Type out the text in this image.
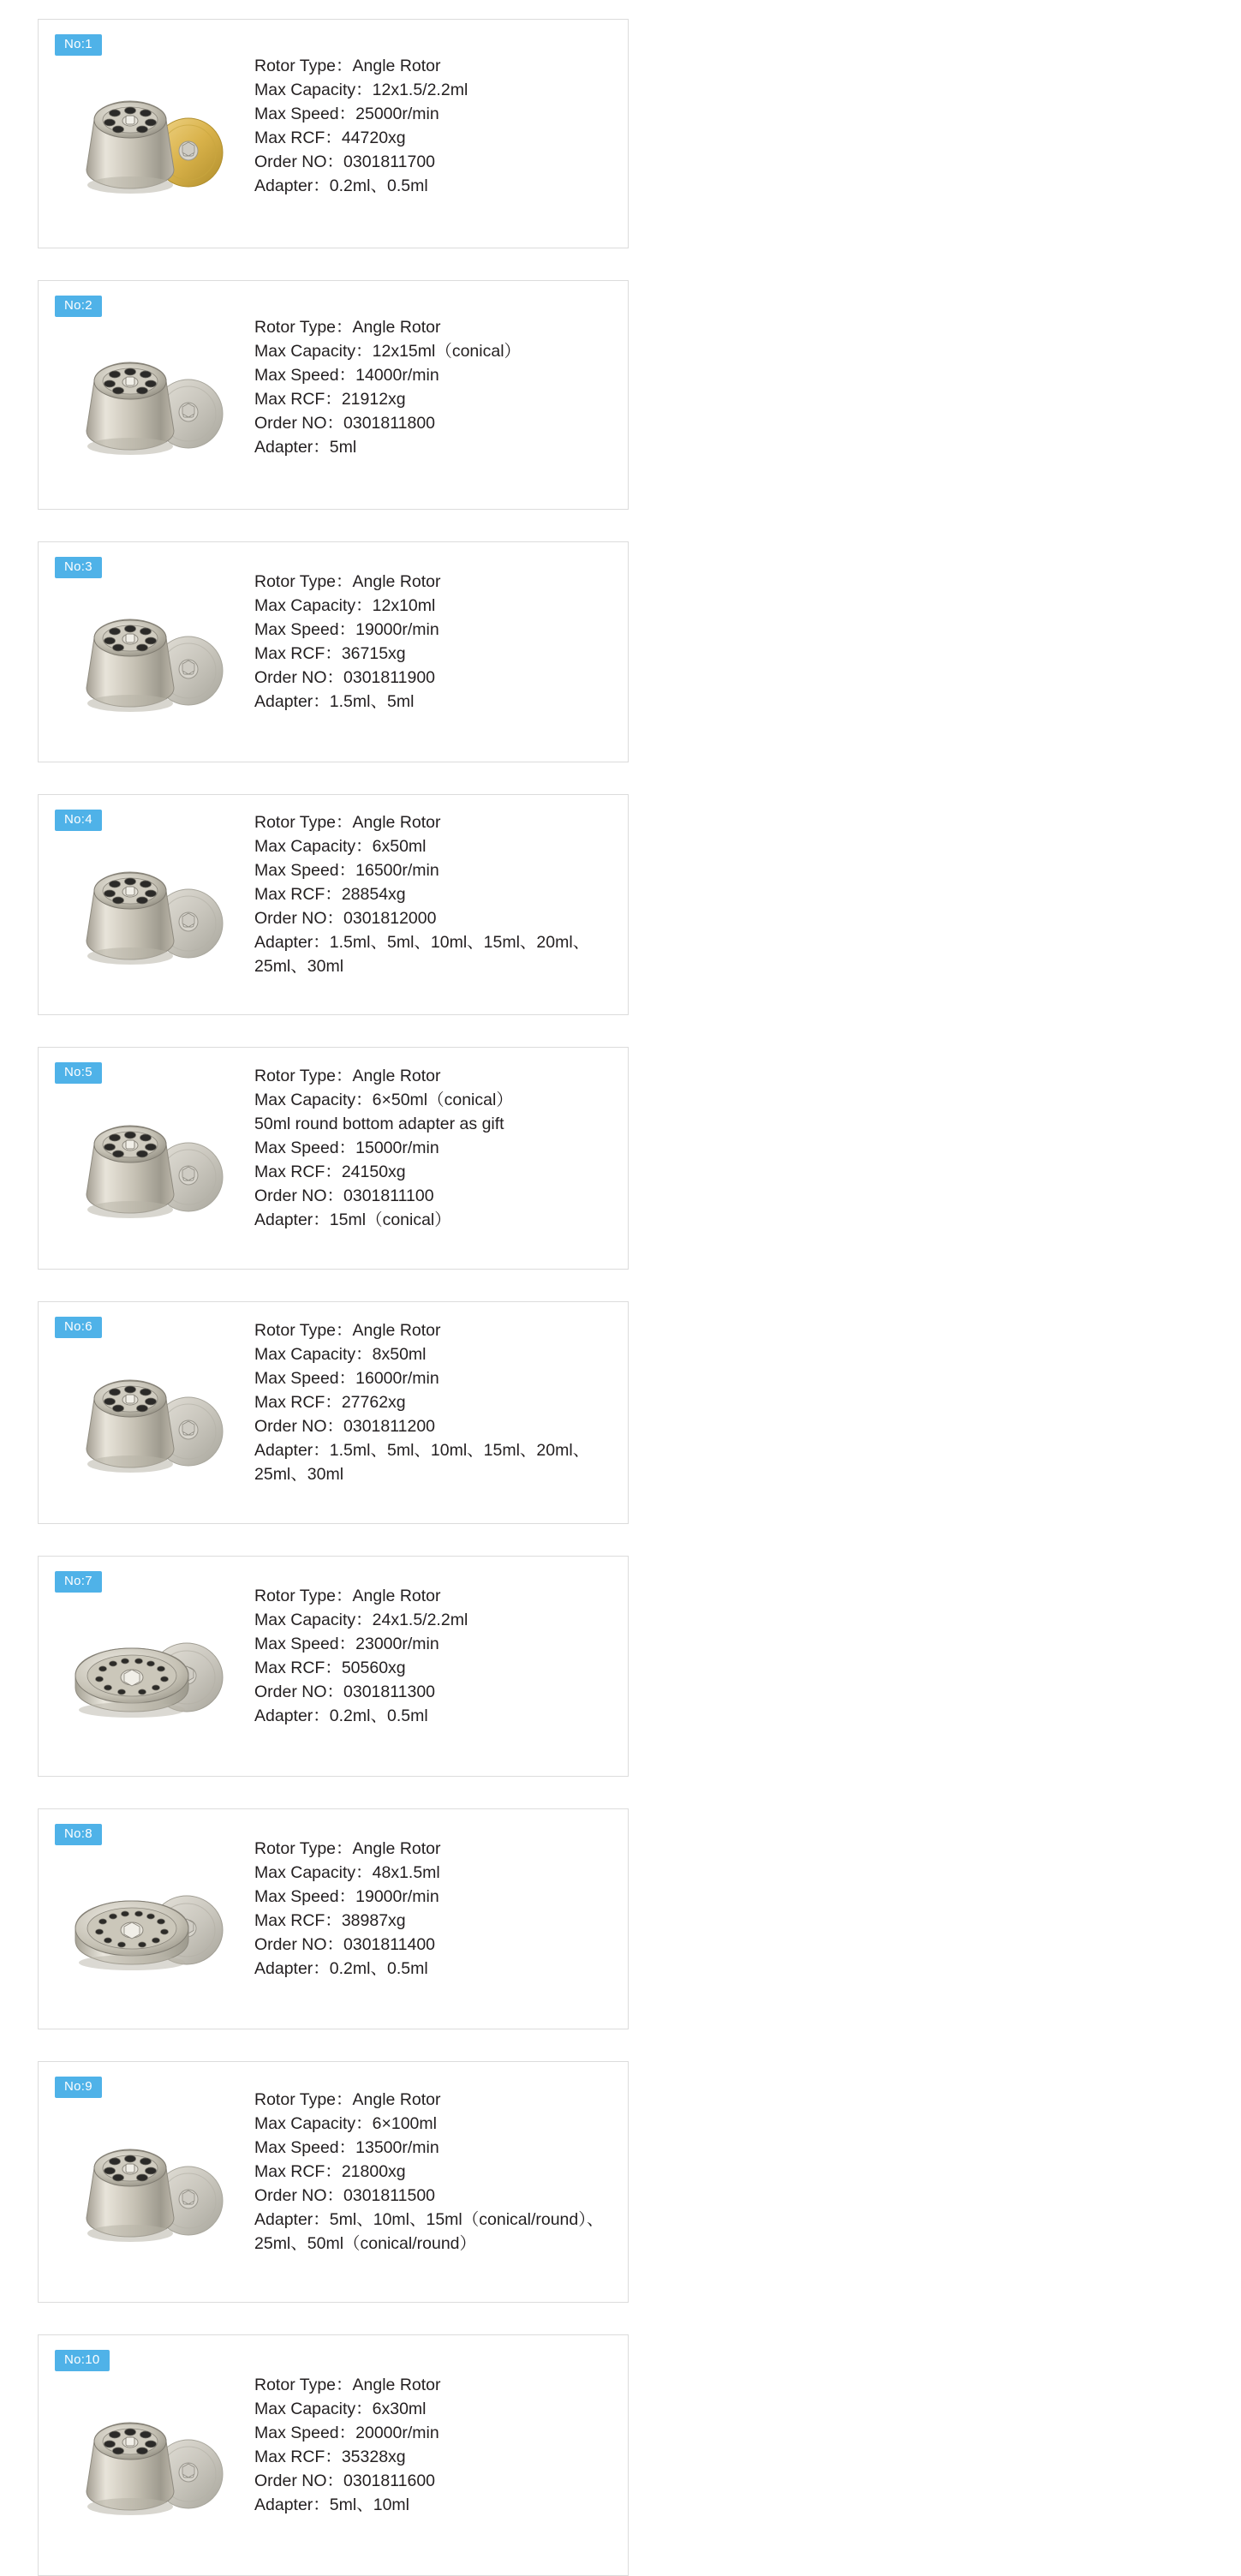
No:1
Rotor Type：Angle Rotor
Max Capacity：12x1.5/2.2ml
Max Speed：25000r/min
Max RCF：44720xg
Order NO：0301811700
Adapter：0.2ml、0.5ml
No:2
Rotor Type：Angle Rotor
Max Capacity：12x15ml（conical）
Max Speed：14000r/min
Max RCF：21912xg
Order NO：0301811800
Adapter：5ml
No:3
Rotor Type：Angle Rotor
Max Capacity：12x10ml
Max Speed：19000r/min
Max RCF：36715xg
Order NO：0301811900
Adapter：1.5ml、5ml
No:4	Rotor Type：Angle Rotor
Max Capacity：6x50ml
Max Speed：16500r/min
Max RCF：28854xg
Order NO：0301812000
Adapter：1.5ml、5ml、10ml、15ml、20ml、25ml、30ml
No:5	Rotor Type：Angle Rotor
Max Capacity：6×50ml（conical）
50ml round bottom adapter as gift
Max Speed：15000r/min
Max RCF：24150xg
Order NO：0301811100
Adapter：15ml（conical）
No:6	Rotor Type：Angle Rotor
Max Capacity：8x50ml
Max Speed：16000r/min
Max RCF：27762xg
Order NO：0301811200
Adapter：1.5ml、5ml、10ml、15ml、20ml、25ml、30ml
No:7
Rotor Type：Angle Rotor
Max Capacity：24x1.5/2.2ml
Max Speed：23000r/min
Max RCF：50560xg
Order NO：0301811300
Adapter：0.2ml、0.5ml
No:8
Rotor Type：Angle Rotor
Max Capacity：48x1.5ml
Max Speed：19000r/min
Max RCF：38987xg
Order NO：0301811400
Adapter：0.2ml、0.5ml
No:9
Rotor Type：Angle Rotor
Max Capacity：6×100ml
Max Speed：13500r/min
Max RCF：21800xg
Order NO：0301811500
Adapter：5ml、10ml、15ml（conical/round）、25ml、50ml（conical/round）
No:10
Rotor Type：Angle Rotor
Max Capacity：6x30ml
Max Speed：20000r/min
Max RCF：35328xg
Order NO：0301811600
Adapter：5ml、10ml
